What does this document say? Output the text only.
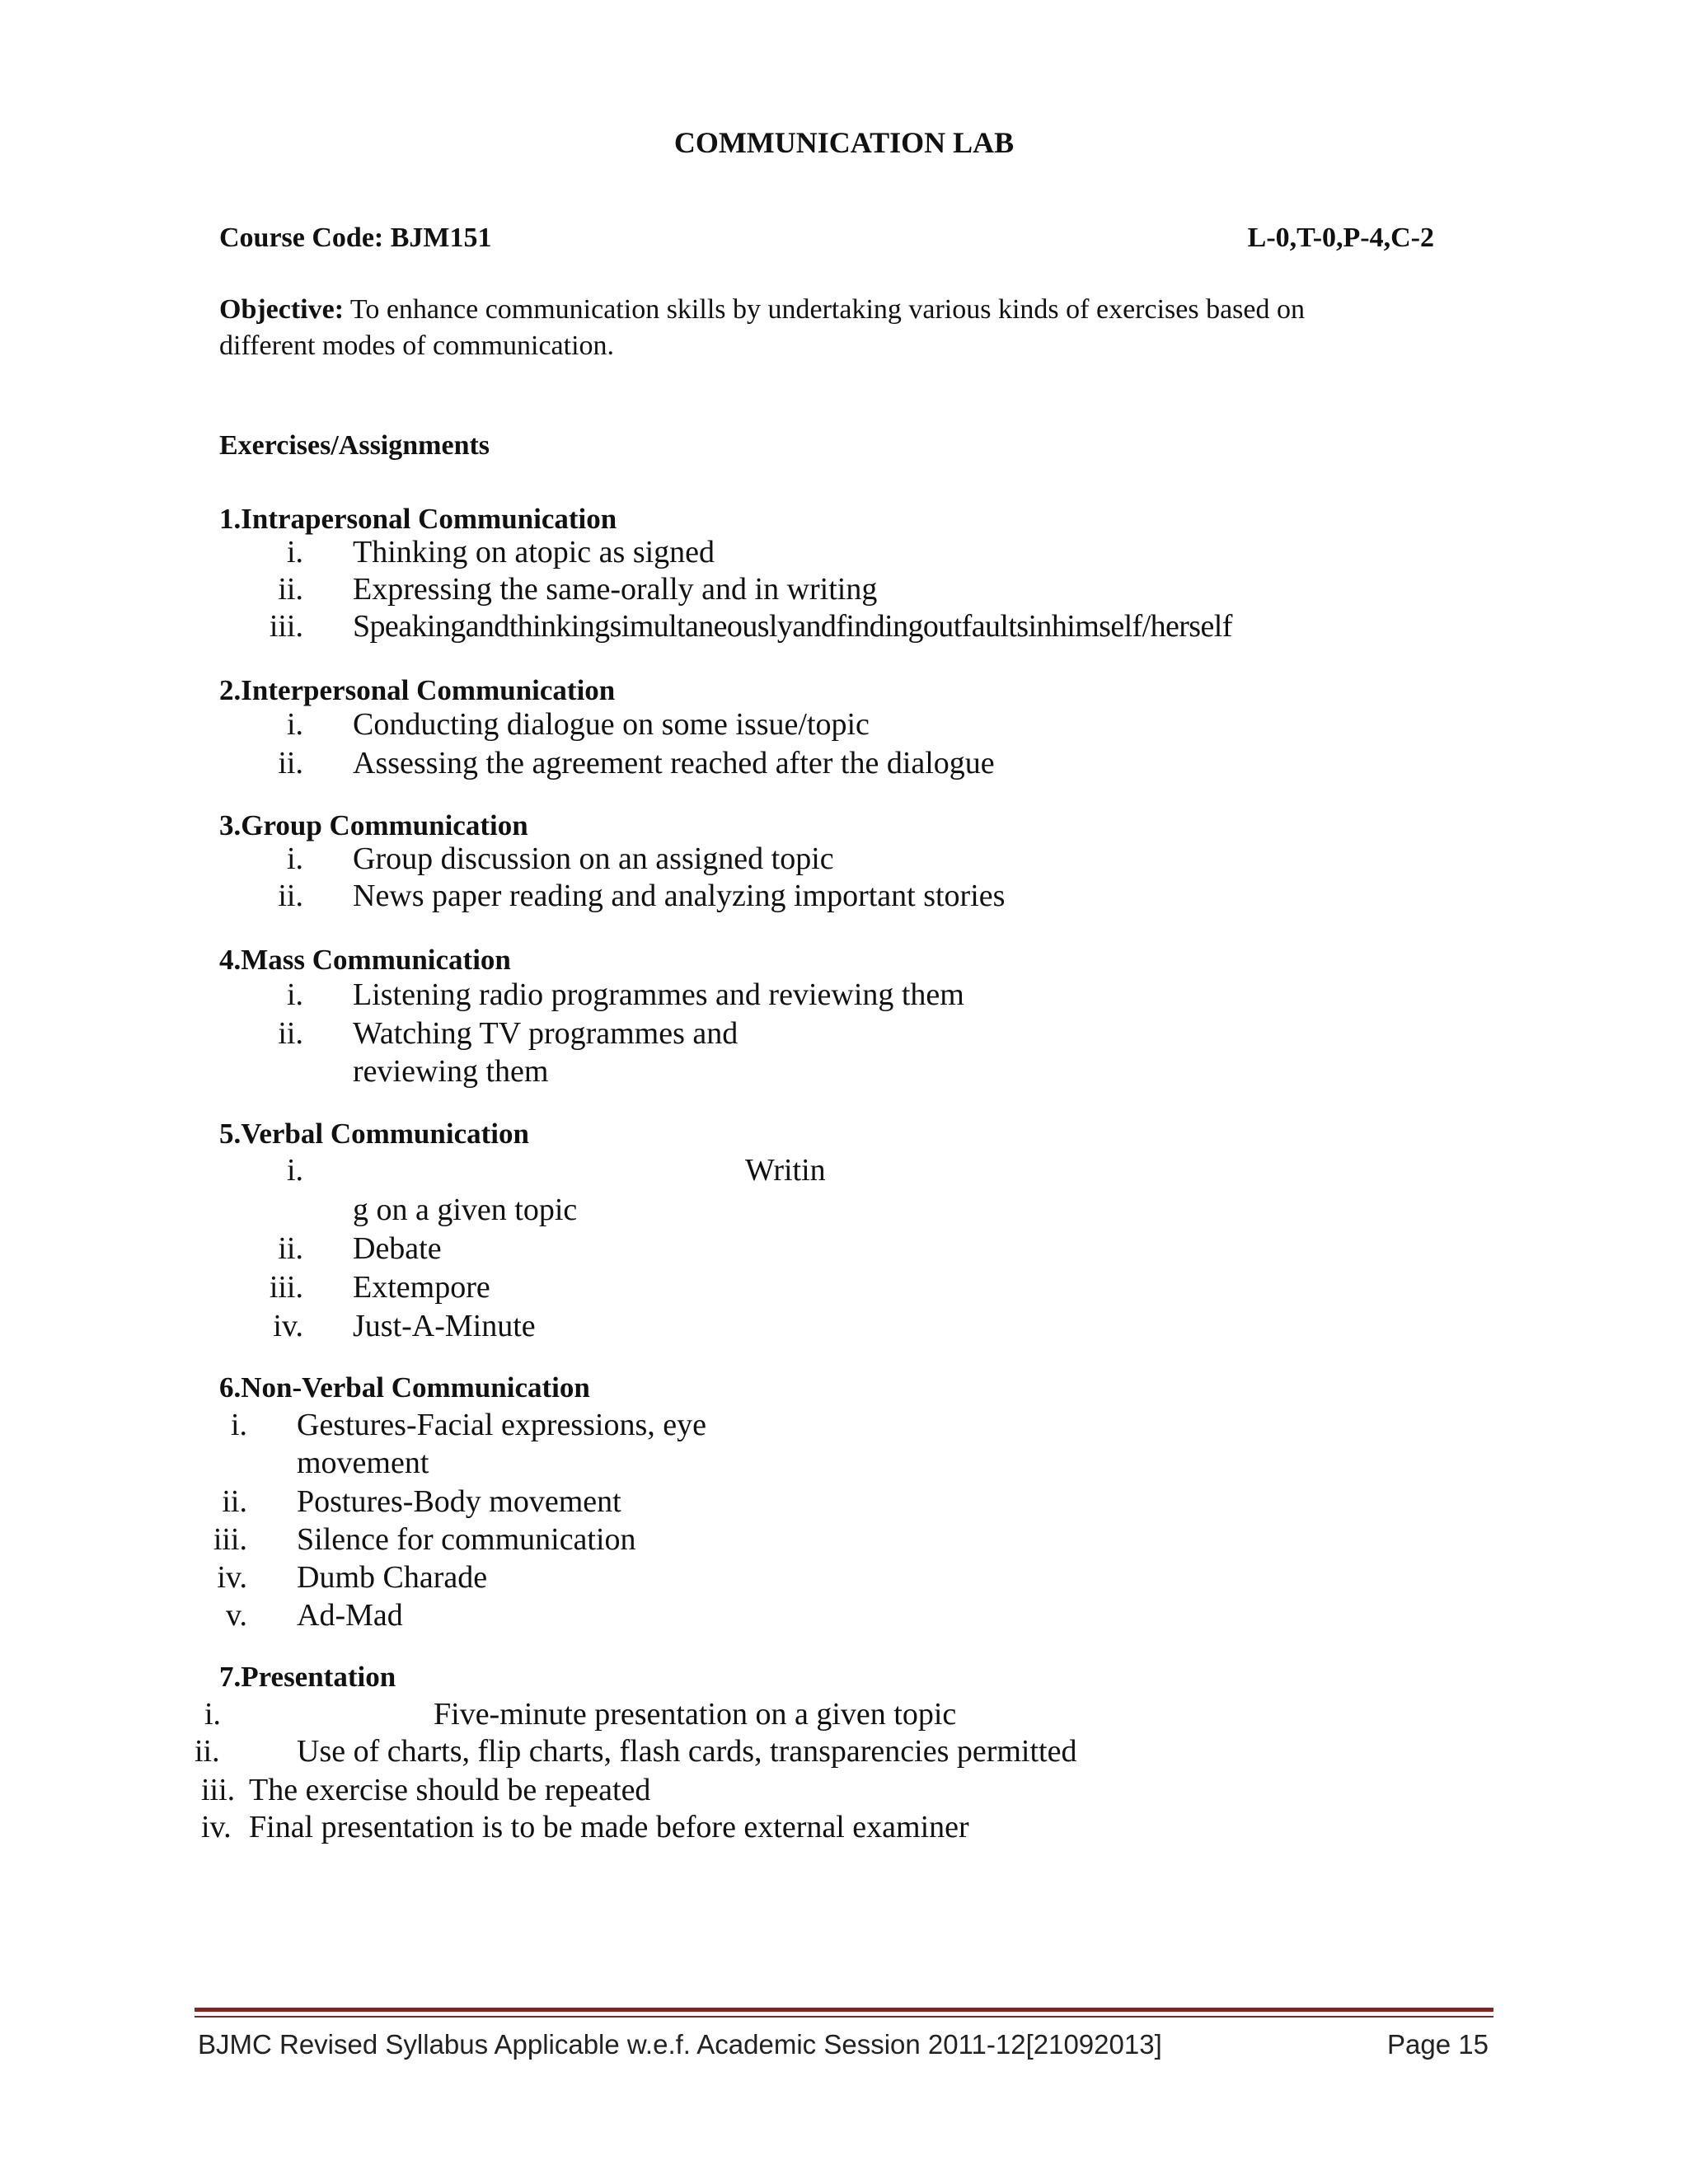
COMMUNICATION LAB
Course Code: BJM151	L-0,T-0,P-4,C-2
Objective: To enhance communication skills by undertaking various kinds of exercises based on
different modes of communication.
Exercises/Assignments
1.Intrapersonal Communication
i. Thinking on atopic as signed
ii. Expressing the same-orally and in writing
iii. Speakingandthinkingsimultaneouslyandfindingoutfaultsinhimself/herself
2.Interpersonal Communication
i. Conducting dialogue on some issue/topic
ii. Assessing the agreement reached after the dialogue
3.Group Communication
i. Group discussion on an assigned topic
ii. News paper reading and analyzing important stories
4.Mass Communication
i. Listening radio programmes and reviewing them
ii. Watching TV programmes and
reviewing them
5.Verbal Communication
i.	Writin
g on a given topic
ii. Debate
iii. Extempore
iv. Just-A-Minute
6.Non-Verbal Communication
i. Gestures-Facial expressions, eye
movement
ii. Postures-Body movement
iii. Silence for communication
iv. Dumb Charade
v. Ad-Mad
7.Presentation
i.	Five-minute presentation on a given topic
ii. Use of charts, flip charts, flash cards, transparencies permitted
iii. The exercise should be repeated
iv. Final presentation is to be made before external examiner
BJMC Revised Syllabus Applicable w.e.f. Academic Session 2011-12[21092013]	Page 15
